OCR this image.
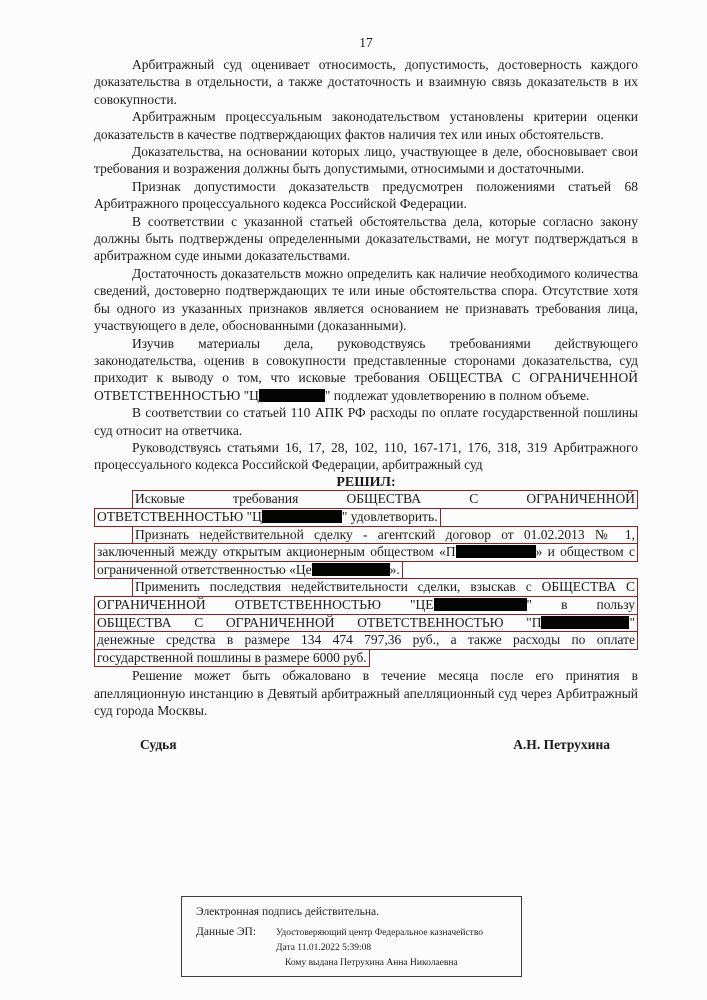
17

Арбитражный суд оценивает относимость, допустимость, достоверность каждого доказательства в отдельности, а также достаточность и взаимную связь доказательств в их совокупности.

Арбитражным процессуальным законодательством установлены критерии оценки доказательств в качестве подтверждающих фактов наличия тех или иных обстоятельств.

Доказательства, на основании которых лицо, участвующее в деле, обосновывает свои требования и возражения должны быть допустимыми, относимыми и достаточными.

Признак допустимости доказательств предусмотрен положениями статьей 68 Арбитражного процессуального кодекса Российской Федерации.

В соответствии с указанной статьей обстоятельства дела, которые согласно закону должны быть подтверждены определенными доказательствами, не могут подтверждаться в арбитражном суде иными доказательствами.

Достаточность доказательств можно определить как наличие необходимого количества сведений, достоверно подтверждающих те или иные обстоятельства спора. Отсутствие хотя бы одного из указанных признаков является основанием не признавать требования лица, участвующего в деле, обоснованными (доказанными).

Изучив материалы дела, руководствуясь требованиями действующего законодательства, оценив в совокупности представленные сторонами доказательства, суд приходит к выводу о том, что исковые требования ОБЩЕСТВА С ОГРАНИЧЕННОЙ ОТВЕТСТВЕННОСТЬЮ "Ц	" подлежат удовлетворению в полном объеме.

В соответствии со статьей 110 АПК РФ расходы по оплате государственной пошлины суд относит на ответчика.

Руководствуясь статьями 16, 17, 28, 102, 110, 167-171, 176, 318, 319 Арбитражного процессуального кодекса Российской Федерации, арбитражный суд

РЕШИЛ:

Исковые требования ОБЩЕСТВА С ОГРАНИЧЕННОЙ
ОТВЕТСТВЕННОСТЬЮ "Ц	" удовлетворить.
Признать недействительной сделку - агентский договор от 01.02.2013 № 1,
заключенный между открытым акционерным обществом «П	» и обществом с
ограниченной ответственностью «Це	».
Применить последствия недействительности сделки, взыскав с ОБЩЕСТВА С
ОГРАНИЧЕННОЙ ОТВЕТСТВЕННОСТЬЮ "ЦЕ	" в пользу
ОБЩЕСТВА С ОГРАНИЧЕННОЙ ОТВЕТСТВЕННОСТЬЮ "П	"
денежные средства в размере 134 474 797,36 руб., а также расходы по оплате
государственной пошлины в размере 6000 руб.

Решение может быть обжаловано в течение месяца после его принятия в апелляционную инстанцию в Девятый арбитражный апелляционный суд через Арбитражный суд города Москвы.

Судья	А.Н. Петрухина

Электронная подпись действительна.

Данные ЭП:	Удостоверяющий центр Федеральное казначейство
Дата 11.01.2022 5:39:08
Кому выдана Петрухина Анна Николаевна
